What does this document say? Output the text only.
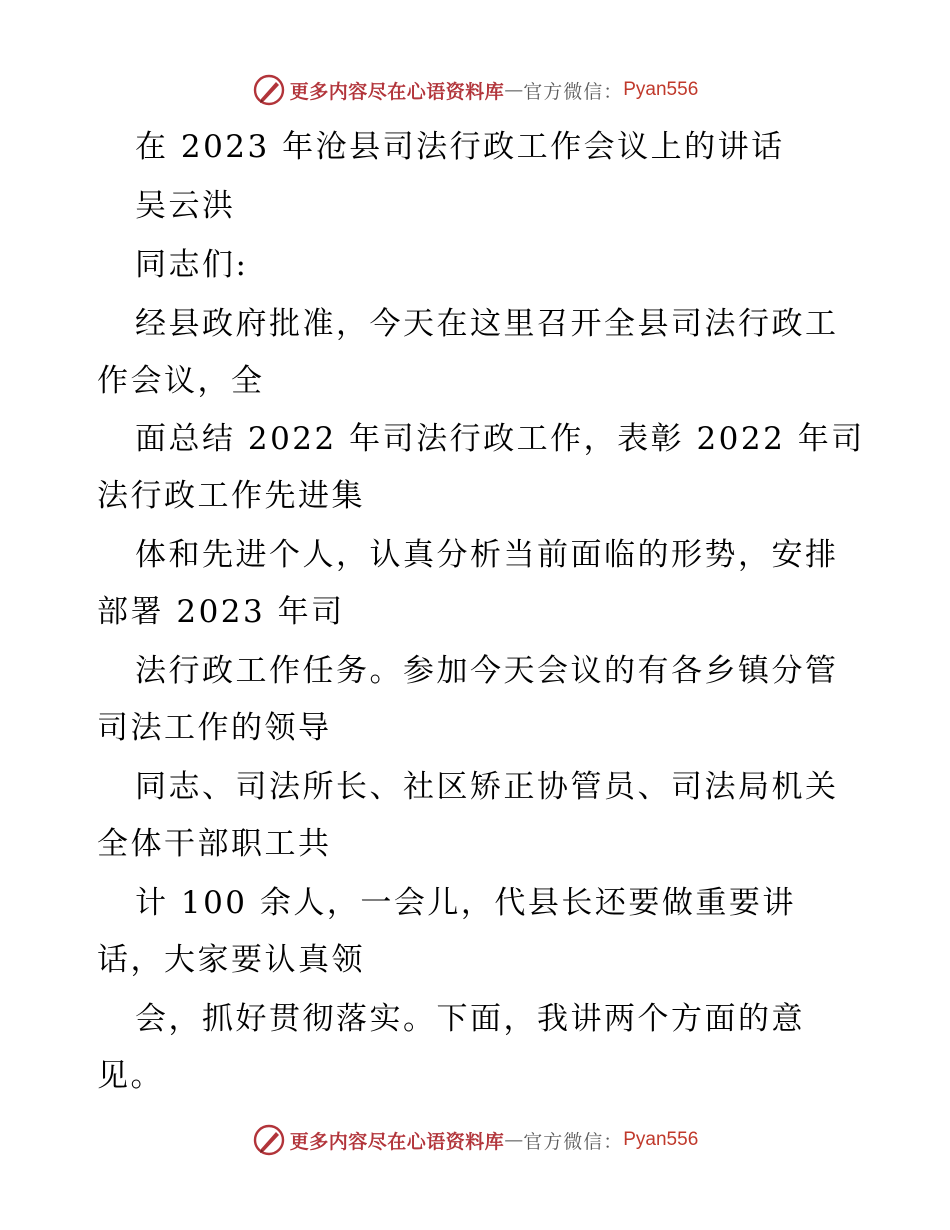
更多内容尽在心语资料库 — 官方微信： Pyan556
在 2023 年沧县司法行政工作会议上的讲话
吴云洪
同志们:
经县政府批准，今天在这里召开全县司法行政工
作会议，全
面总结 2022 年司法行政工作，表彰 2022 年司
法行政工作先进集
体和先进个人，认真分析当前面临的形势，安排
部署 2023 年司
法行政工作任务。参加今天会议的有各乡镇分管
司法工作的领导
同志、司法所长、社区矫正协管员、司法局机关
全体干部职工共
计 100 余人，一会儿，代县长还要做重要讲
话，大家要认真领
会，抓好贯彻落实。下面，我讲两个方面的意
见。
更多内容尽在心语资料库 — 官方微信： Pyan556
